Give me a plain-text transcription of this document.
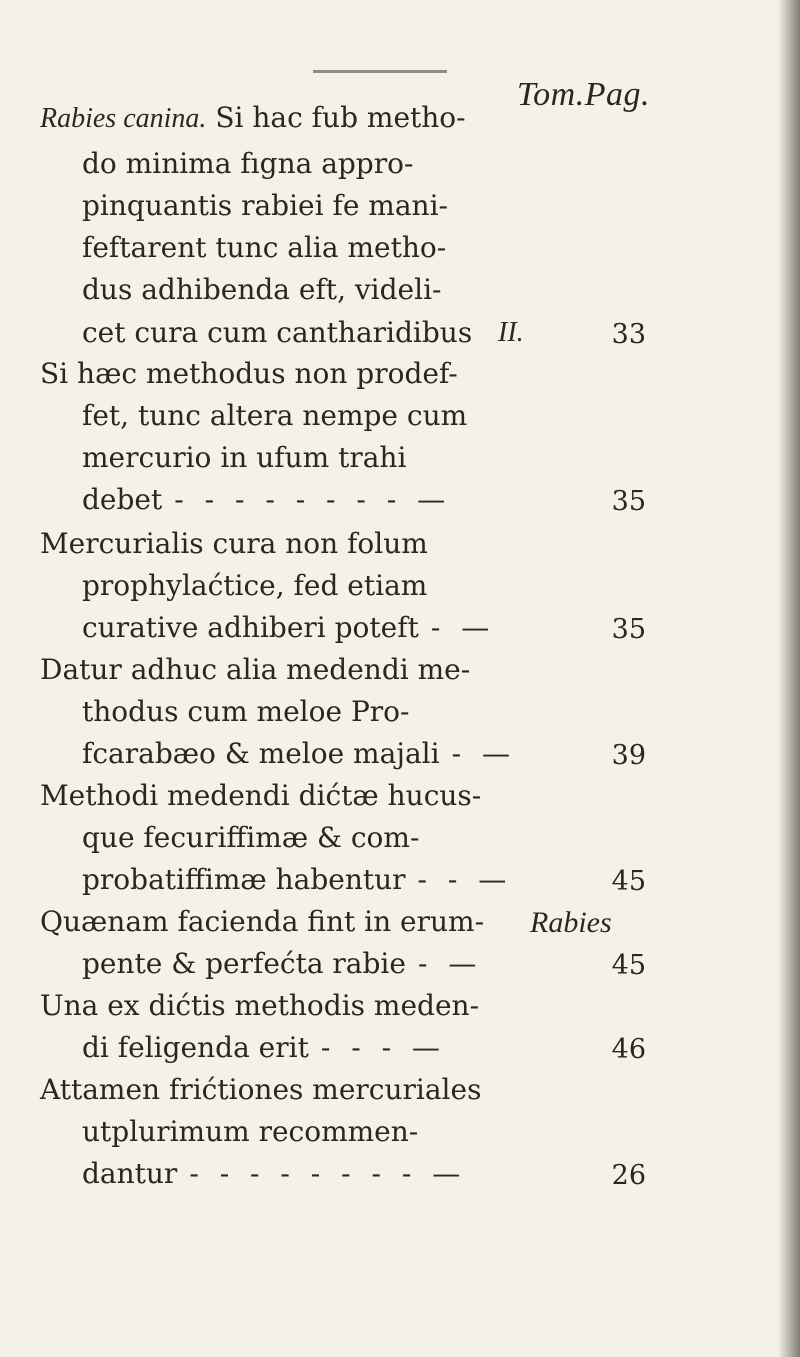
Tom.Pag.
Rabies canina. Si hac fub metho-
do minima fıgna appro-
pinquantis rabiei fe mani-
feftarent tunc alia metho-
dus adhibenda eft, videli-
cet cura cum cantharidibus II.	33
Si hæc methodus non prodef-
fet, tunc altera nempe cum
mercurio in ufum trahi
debet - - - - - - - - —	35
Mercurialis cura non folum
prophylaćtice, fed etiam
curative adhiberi poteft - —	35
Datur adhuc alia medendi me-
thodus cum meloe Pro-
fcarabæo & meloe majali - —	39
Methodi medendi dićtæ hucus-
que fecuriffimæ & com-
probatiffimæ habentur - - —	45
Quænam facienda fint in erum-
pente & perfećta rabie - —	45
Una ex dićtis methodis meden-
di feligenda erit - - - —	46
Attamen frićtiones mercuriales
utplurimum recommen-
dantur - - - - - - - - —	26
Rabies
